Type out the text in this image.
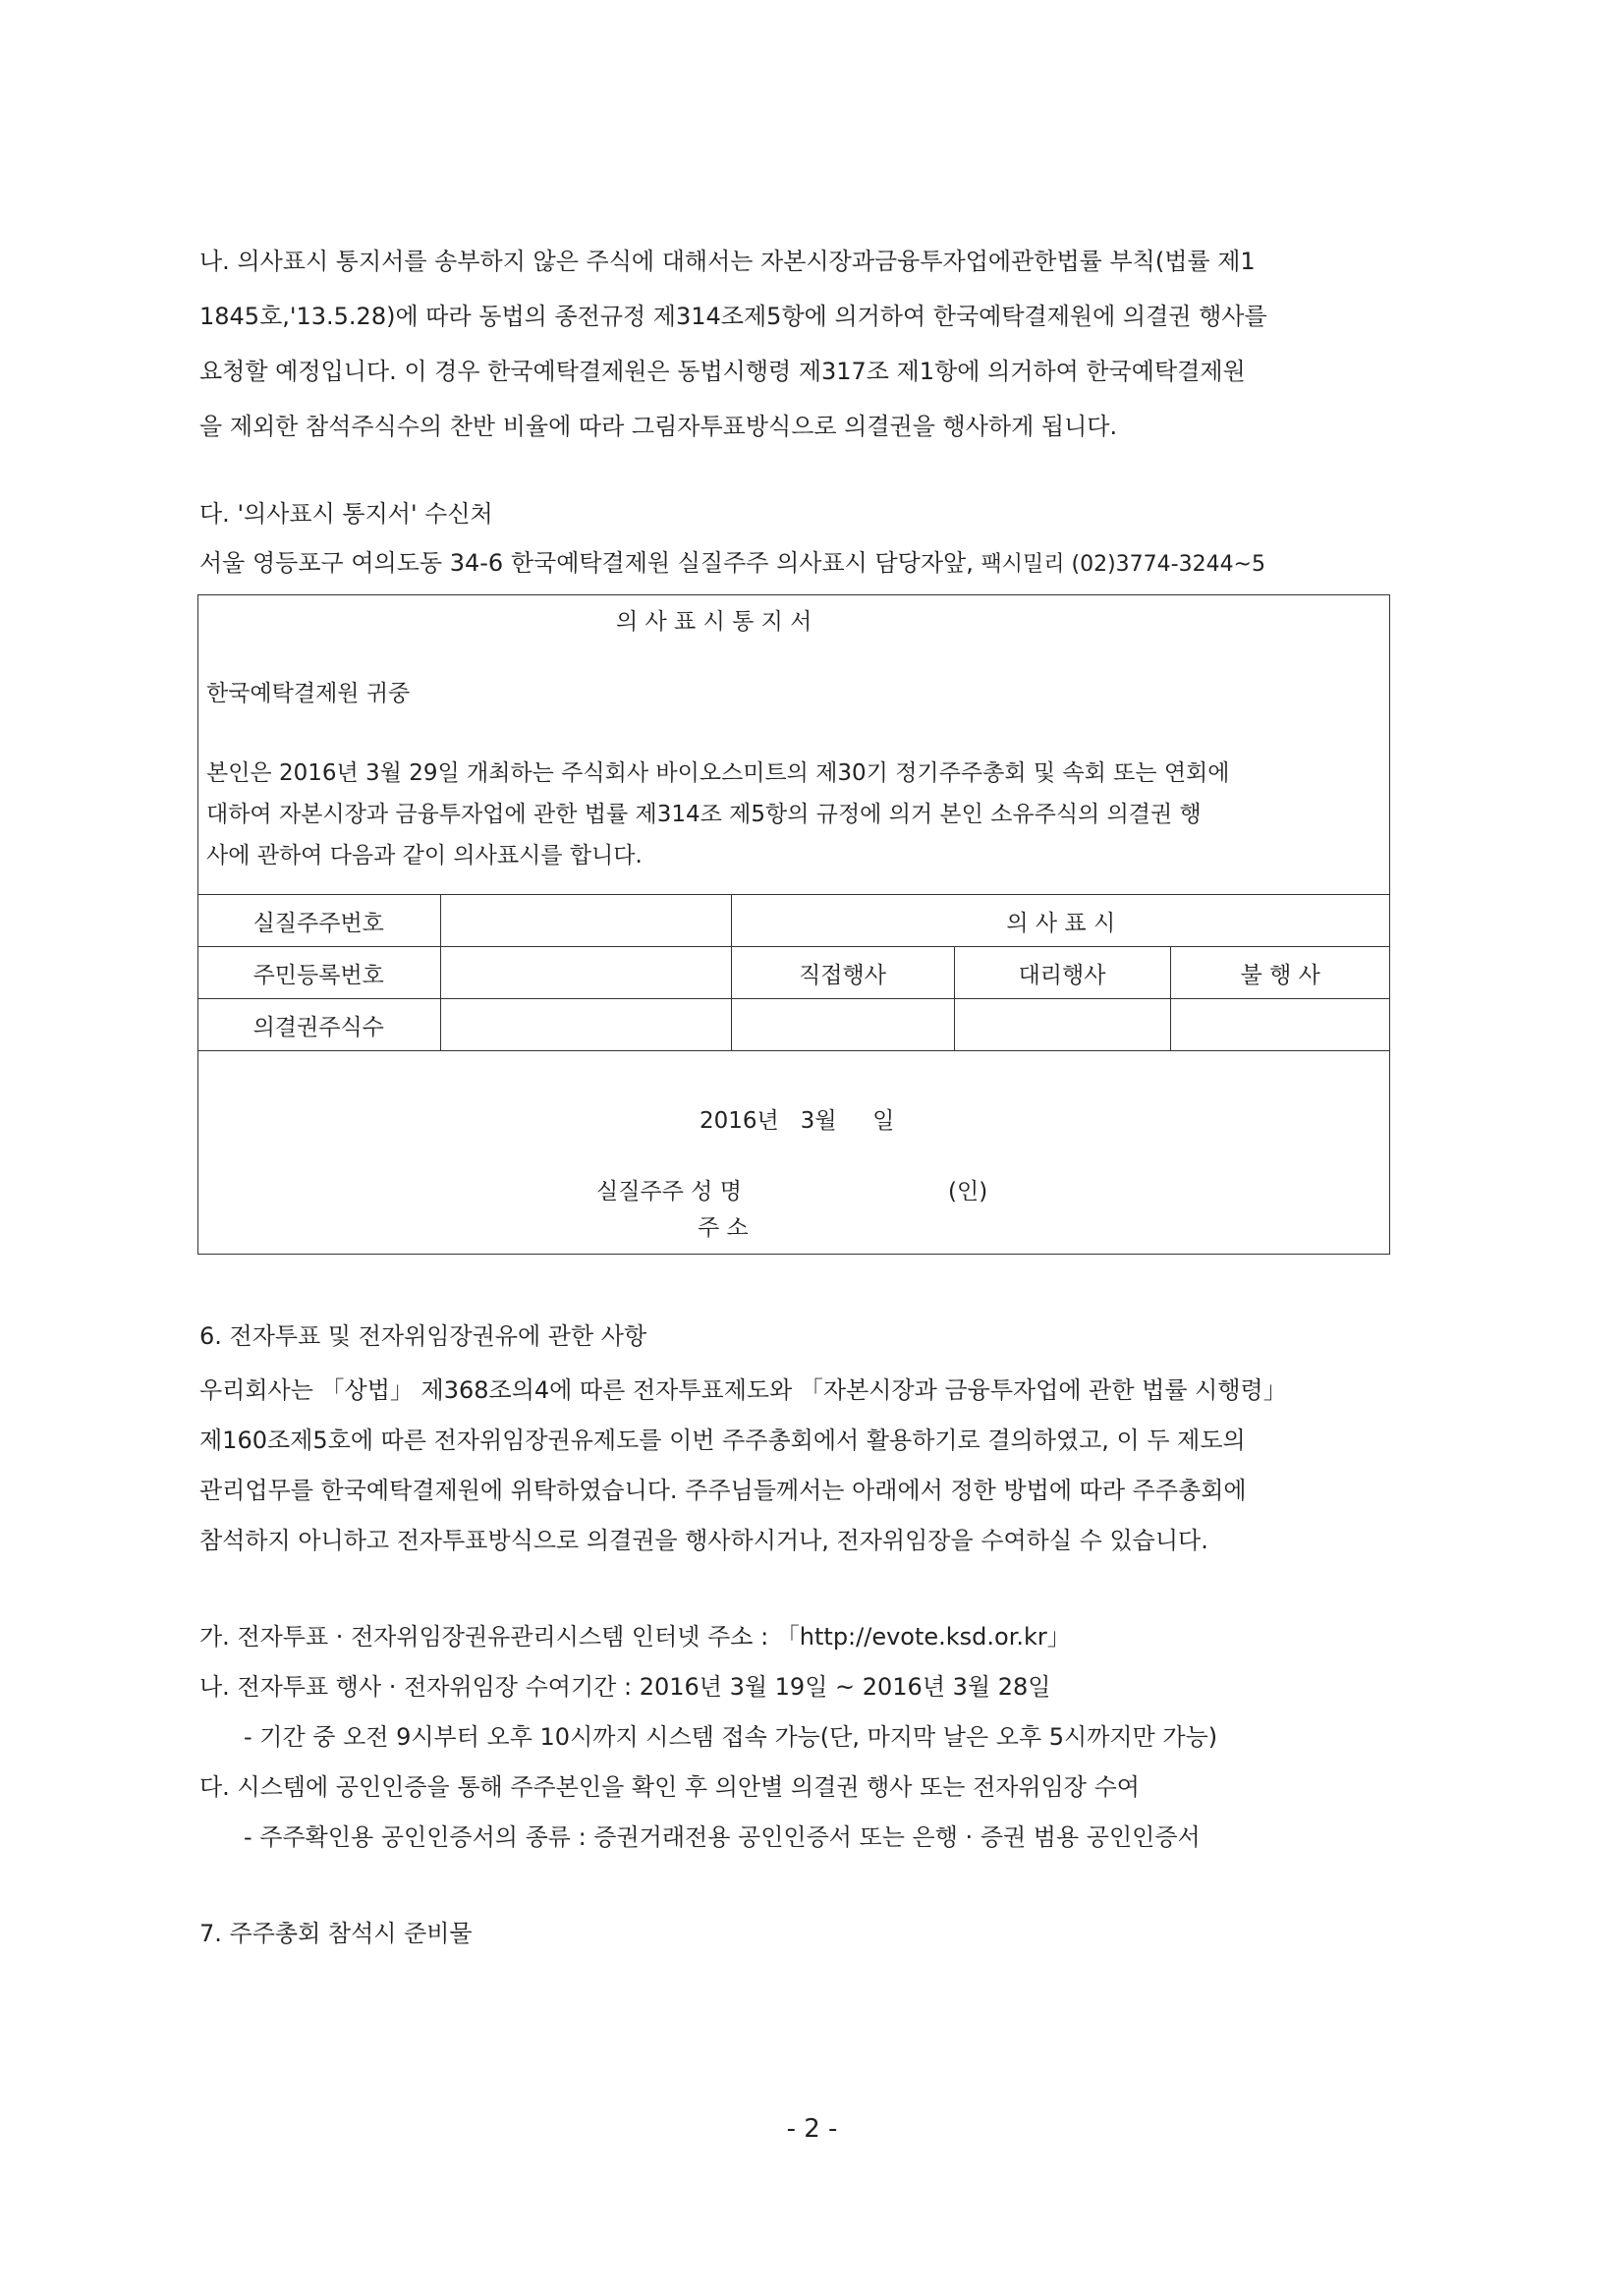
나. 의사표시 통지서를 송부하지 않은 주식에 대해서는 자본시장과금융투자업에관한법률 부칙(법률 제1
1845호,'13.5.28)에 따라 동법의 종전규정 제314조제5항에 의거하여 한국예탁결제원에 의결권 행사를
요청할 예정입니다. 이 경우 한국예탁결제원은 동법시행령 제317조 제1항에 의거하여 한국예탁결제원
을 제외한 참석주식수의 찬반 비율에 따라 그림자투표방식으로 의결권을 행사하게 됩니다.
다. '의사표시 통지서' 수신처
서울 영등포구 여의도동 34-6 한국예탁결제원 실질주주 의사표시 담당자앞, 팩시밀리 (02)3774-3244~5
의 사 표 시 통 지 서
한국예탁결제원 귀중
본인은 2016년 3월 29일 개최하는 주식회사 바이오스미트의 제30기 정기주주총회 및 속회 또는 연회에
대하여 자본시장과 금융투자업에 관한 법률 제314조 제5항의 규정에 의거 본인 소유주식의 의결권 행
사에 관하여 다음과 같이 의사표시를 합니다.
실질주주번호		의 사 표 시		
주민등록번호		직접행사	대리행사	불 행 사
의결권주식수				
2016년   3월     일
실질주주 성 명	(인)
주 소
6. 전자투표 및 전자위임장권유에 관한 사항
우리회사는 「상법」 제368조의4에 따른 전자투표제도와 「자본시장과 금융투자업에 관한 법률 시행령」
제160조제5호에 따른 전자위임장권유제도를 이번 주주총회에서 활용하기로 결의하였고, 이 두 제도의
관리업무를 한국예탁결제원에 위탁하였습니다. 주주님들께서는 아래에서 정한 방법에 따라 주주총회에
참석하지 아니하고 전자투표방식으로 의결권을 행사하시거나, 전자위임장을 수여하실 수 있습니다.
가. 전자투표 · 전자위임장권유관리시스템 인터넷 주소 : 「http://evote.ksd.or.kr」
나. 전자투표 행사 · 전자위임장 수여기간 : 2016년 3월 19일 ~ 2016년 3월 28일
- 기간 중 오전 9시부터 오후 10시까지 시스템 접속 가능(단, 마지막 날은 오후 5시까지만 가능)
다. 시스템에 공인인증을 통해 주주본인을 확인 후 의안별 의결권 행사 또는 전자위임장 수여
- 주주확인용 공인인증서의 종류 : 증권거래전용 공인인증서 또는 은행 · 증권 범용 공인인증서
7. 주주총회 참석시 준비물
- 2 -
